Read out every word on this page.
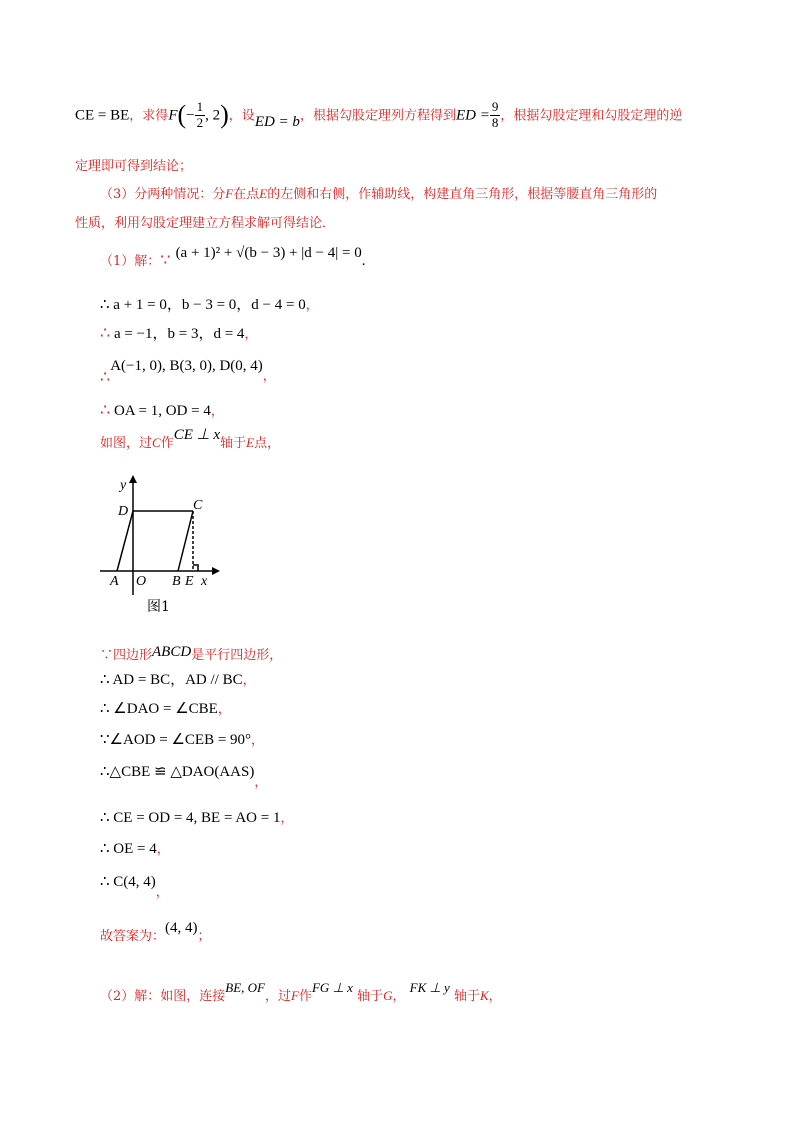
CE = BE，求得$F(- \frac{1}{2}$ , 2)，设ED = b，根据勾股定理列方程得到ED = $\frac{9}{8}$ ，根据勾股定理和勾股定理的逆
定理即可得到结论；
（3）分两种情况：分F在点E的左侧和右侧，作辅助线，构建直角三角形，根据等腰直角三角形的
性质，利用勾股定理建立方程求解可得结论．
（1）解：∵ (a + 1)² + √(b − 3) + |d − 4| = 0.
∴ a + 1 = 0，b − 3 = 0，d − 4 = 0，
∴ a = −1，b = 3，d = 4，
∴A(−1, 0), B(3, 0), D(0, 4)，
∴ OA = 1, OD = 4，
如图，过C作CE ⊥ x轴于E点，
y
D	C
A O B E x
图1
∵四边形ABCD是平行四边形，
∴ AD = BC，AD // BC，
∴ ∠DAO = ∠CBE，
∵∠AOD = ∠CEB = 90°，
∴△CBE ≌ △DAO(AAS)，
∴ CE = OD = 4, BE = AO = 1，
∴ OE = 4，
∴ C(4, 4)，
故答案为：(4, 4)；
（2）解：如图，连接BE, OF，过F作FG ⊥ x 轴于G， FK ⊥ y 轴于K，
